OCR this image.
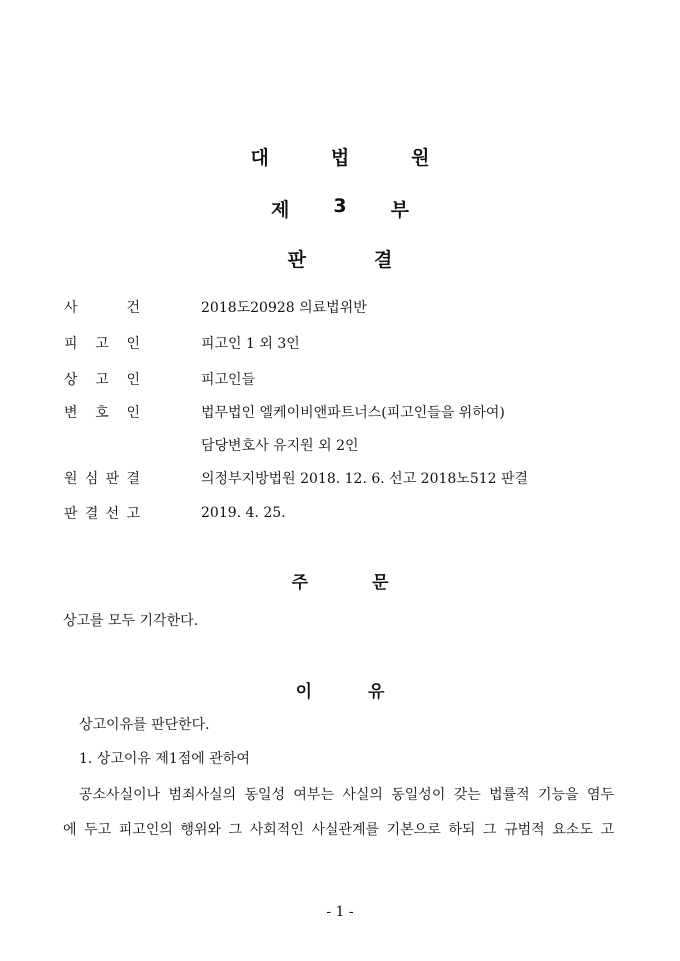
대	법	원
제 3 부
판	결
사	건	2018도20928 의료법위반
피 고 인	피고인 1 외 3인
상 고 인	피고인들
변 호 인	법무법인 엘케이비앤파트너스(피고인들을 위하여)
담당변호사 유지원 외 2인
원 심 판 결	의정부지방법원 2018. 12. 6. 선고 2018노512 판결
판 결 선 고	2019. 4. 25.
주	문
상고를 모두 기각한다.
이	유
상고이유를 판단한다.
1. 상고이유 제1점에 관하여
공소사실이나 범죄사실의 동일성 여부는 사실의 동일성이 갖는 법률적 기능을 염두
에 두고 피고인의 행위와 그 사회적인 사실관계를 기본으로 하되 그 규범적 요소도 고
- 1 -
